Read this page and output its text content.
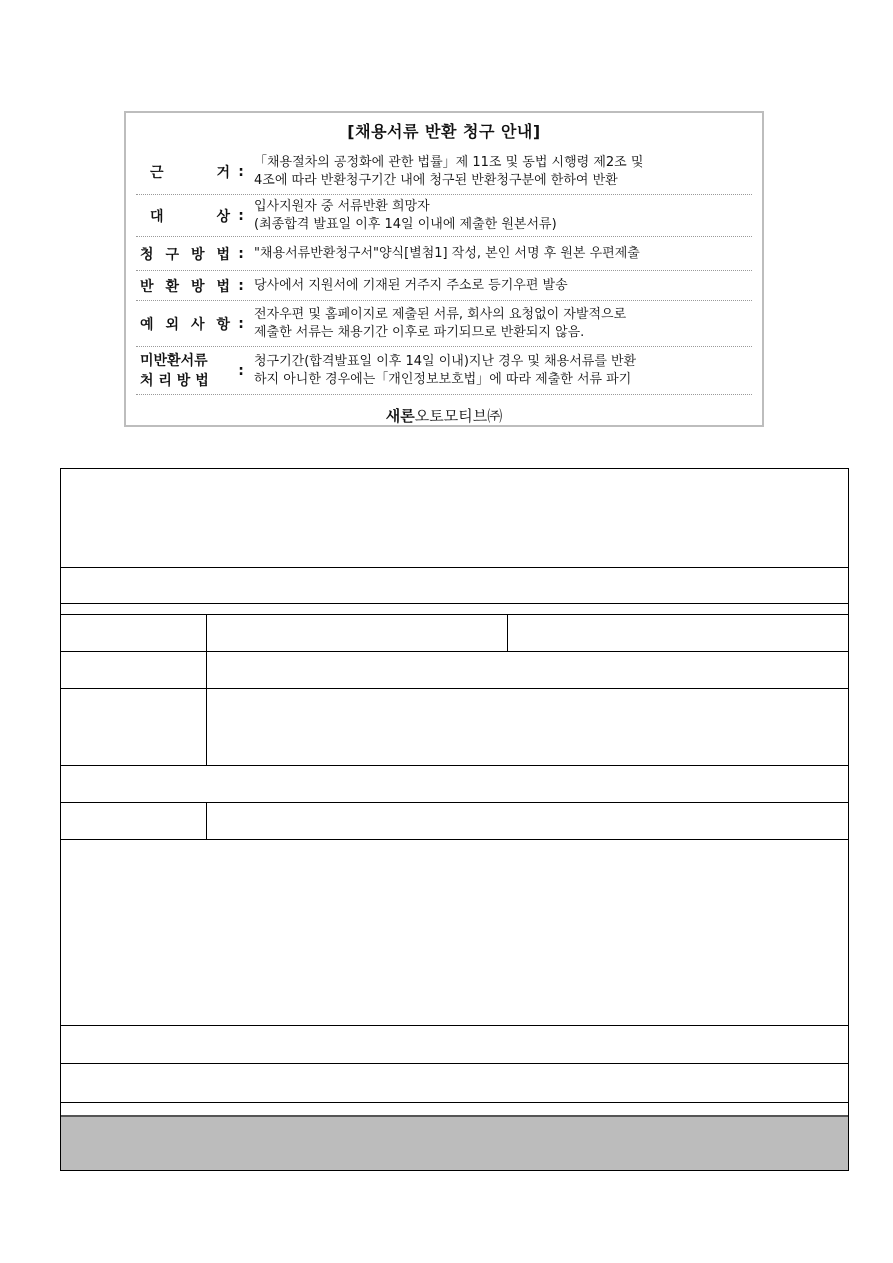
[채용서류 반환 청구 안내]
근	거 :
「채용절차의 공정화에 관한 법률」제 11조 및 동법 시행령 제2조 및
4조에 따라 반환청구기간 내에 청구된 반환청구분에 한하여 반환
대	상 :
입사지원자 중 서류반환 희망자
(최종합격 발표일 이후 14일 이내에 제출한 원본서류)
청 구 방 법 : "채용서류반환청구서"양식[별첨1] 작성, 본인 서명 후 원본 우편제출
반 환 방 법 : 당사에서 지원서에 기재된 거주지 주소로 등기우편 발송
예 외 사 항 :
전자우편 및 홈페이지로 제출된 서류, 회사의 요청없이 자발적으로
제출한 서류는 채용기간 이후로 파기되므로 반환되지 않음.
미반환서류
처 리 방 법
:
청구기간(합격발표일 이후 14일 이내)지난 경우 및 채용서류를 반환
하지 아니한 경우에는「개인정보보호법」에 따라 제출한 서류 파기
새론오토모티브㈜
